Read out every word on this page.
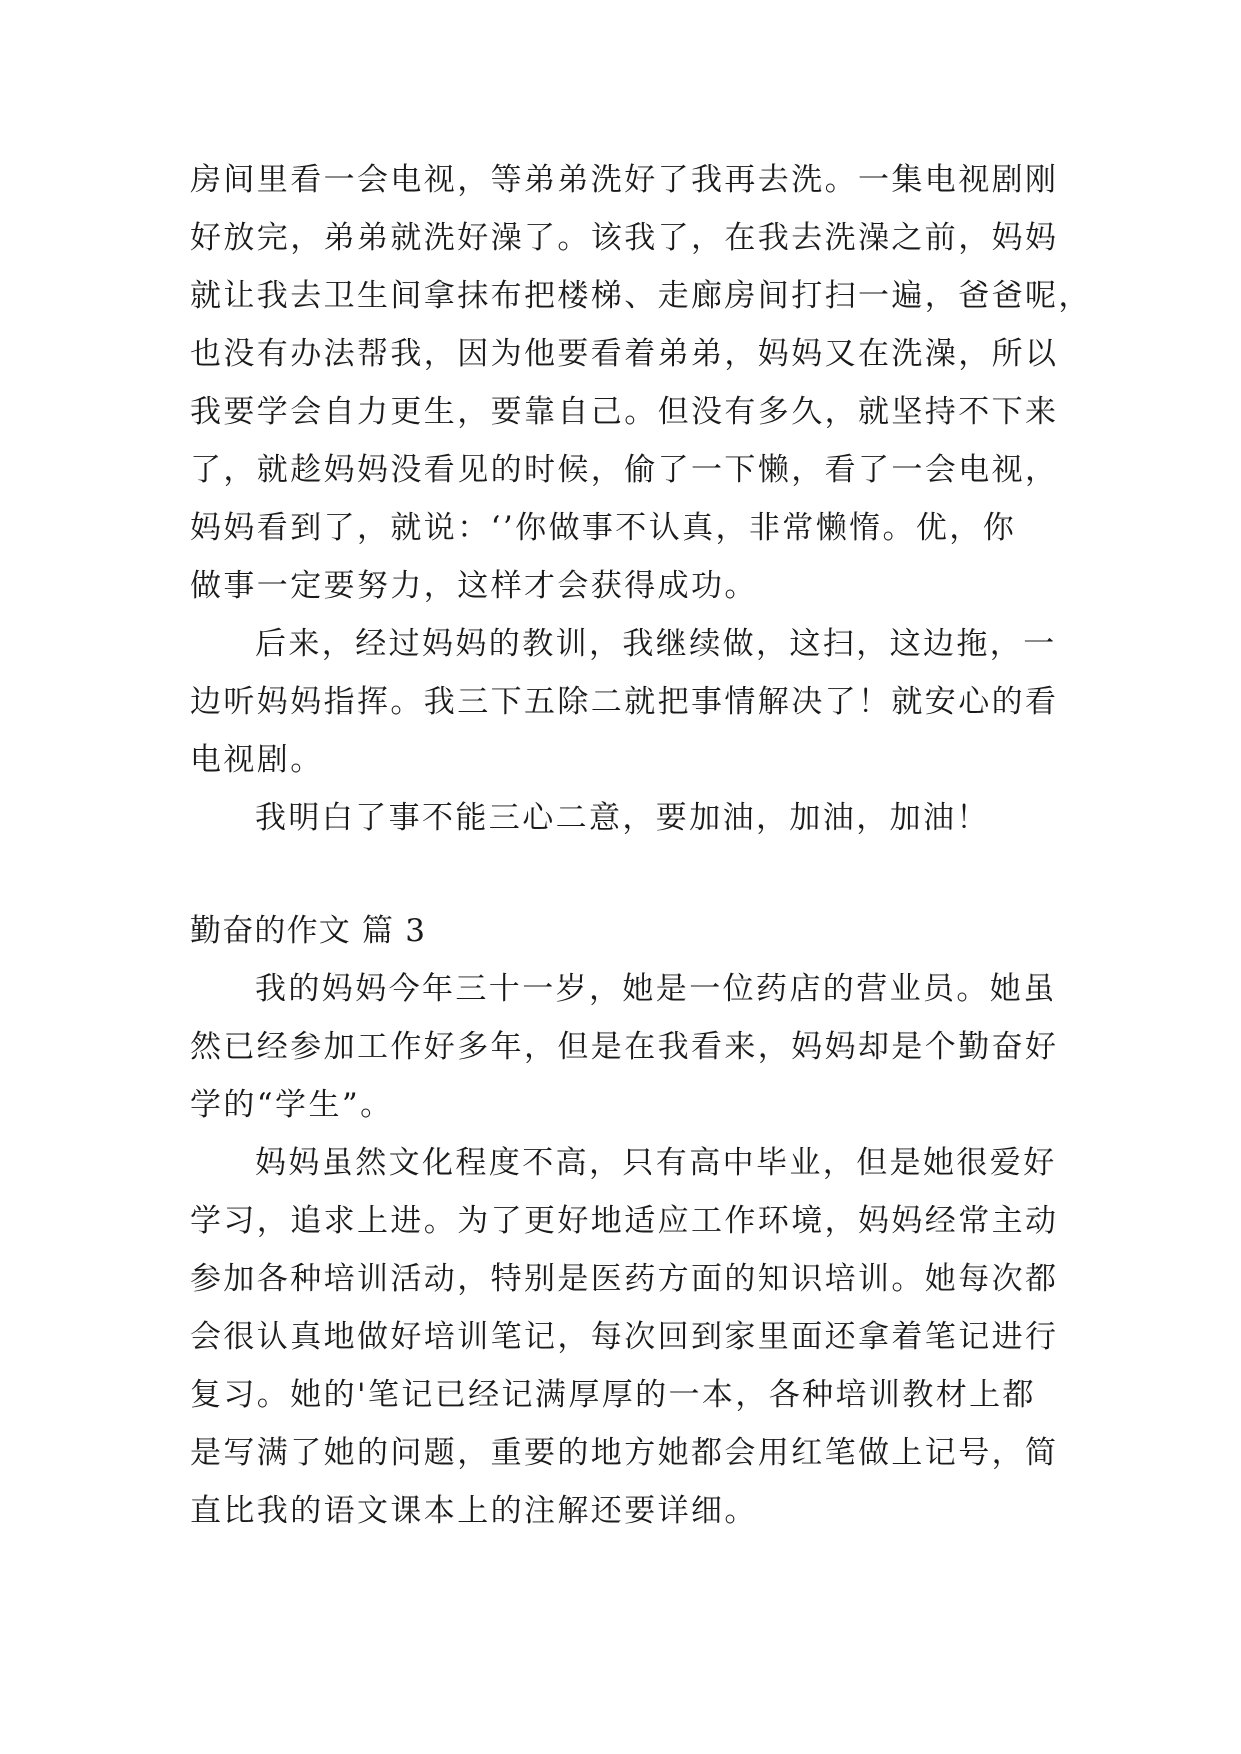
房间里看一会电视，等弟弟洗好了我再去洗。一集电视剧刚
好放完，弟弟就洗好澡了。该我了，在我去洗澡之前，妈妈
就让我去卫生间拿抹布把楼梯、走廊房间打扫一遍，爸爸呢，
也没有办法帮我，因为他要看着弟弟，妈妈又在洗澡，所以
我要学会自力更生，要靠自己。但没有多久，就坚持不下来
了，就趁妈妈没看见的时候，偷了一下懒，看了一会电视，
妈妈看到了，就说：‘’你做事不认真，非常懒惰。优，你
做事一定要努力，这样才会获得成功。
后来，经过妈妈的教训，我继续做，这扫，这边拖，一
边听妈妈指挥。我三下五除二就把事情解决了！就安心的看
电视剧。
我明白了事不能三心二意，要加油，加油，加油！
勤奋的作文 篇 3
我的妈妈今年三十一岁，她是一位药店的营业员。她虽
然已经参加工作好多年，但是在我看来，妈妈却是个勤奋好
学的“学生”。
妈妈虽然文化程度不高，只有高中毕业，但是她很爱好
学习，追求上进。为了更好地适应工作环境，妈妈经常主动
参加各种培训活动，特别是医药方面的知识培训。她每次都
会很认真地做好培训笔记，每次回到家里面还拿着笔记进行
复习。她的'笔记已经记满厚厚的一本，各种培训教材上都
是写满了她的问题，重要的地方她都会用红笔做上记号，简
直比我的语文课本上的注解还要详细。
